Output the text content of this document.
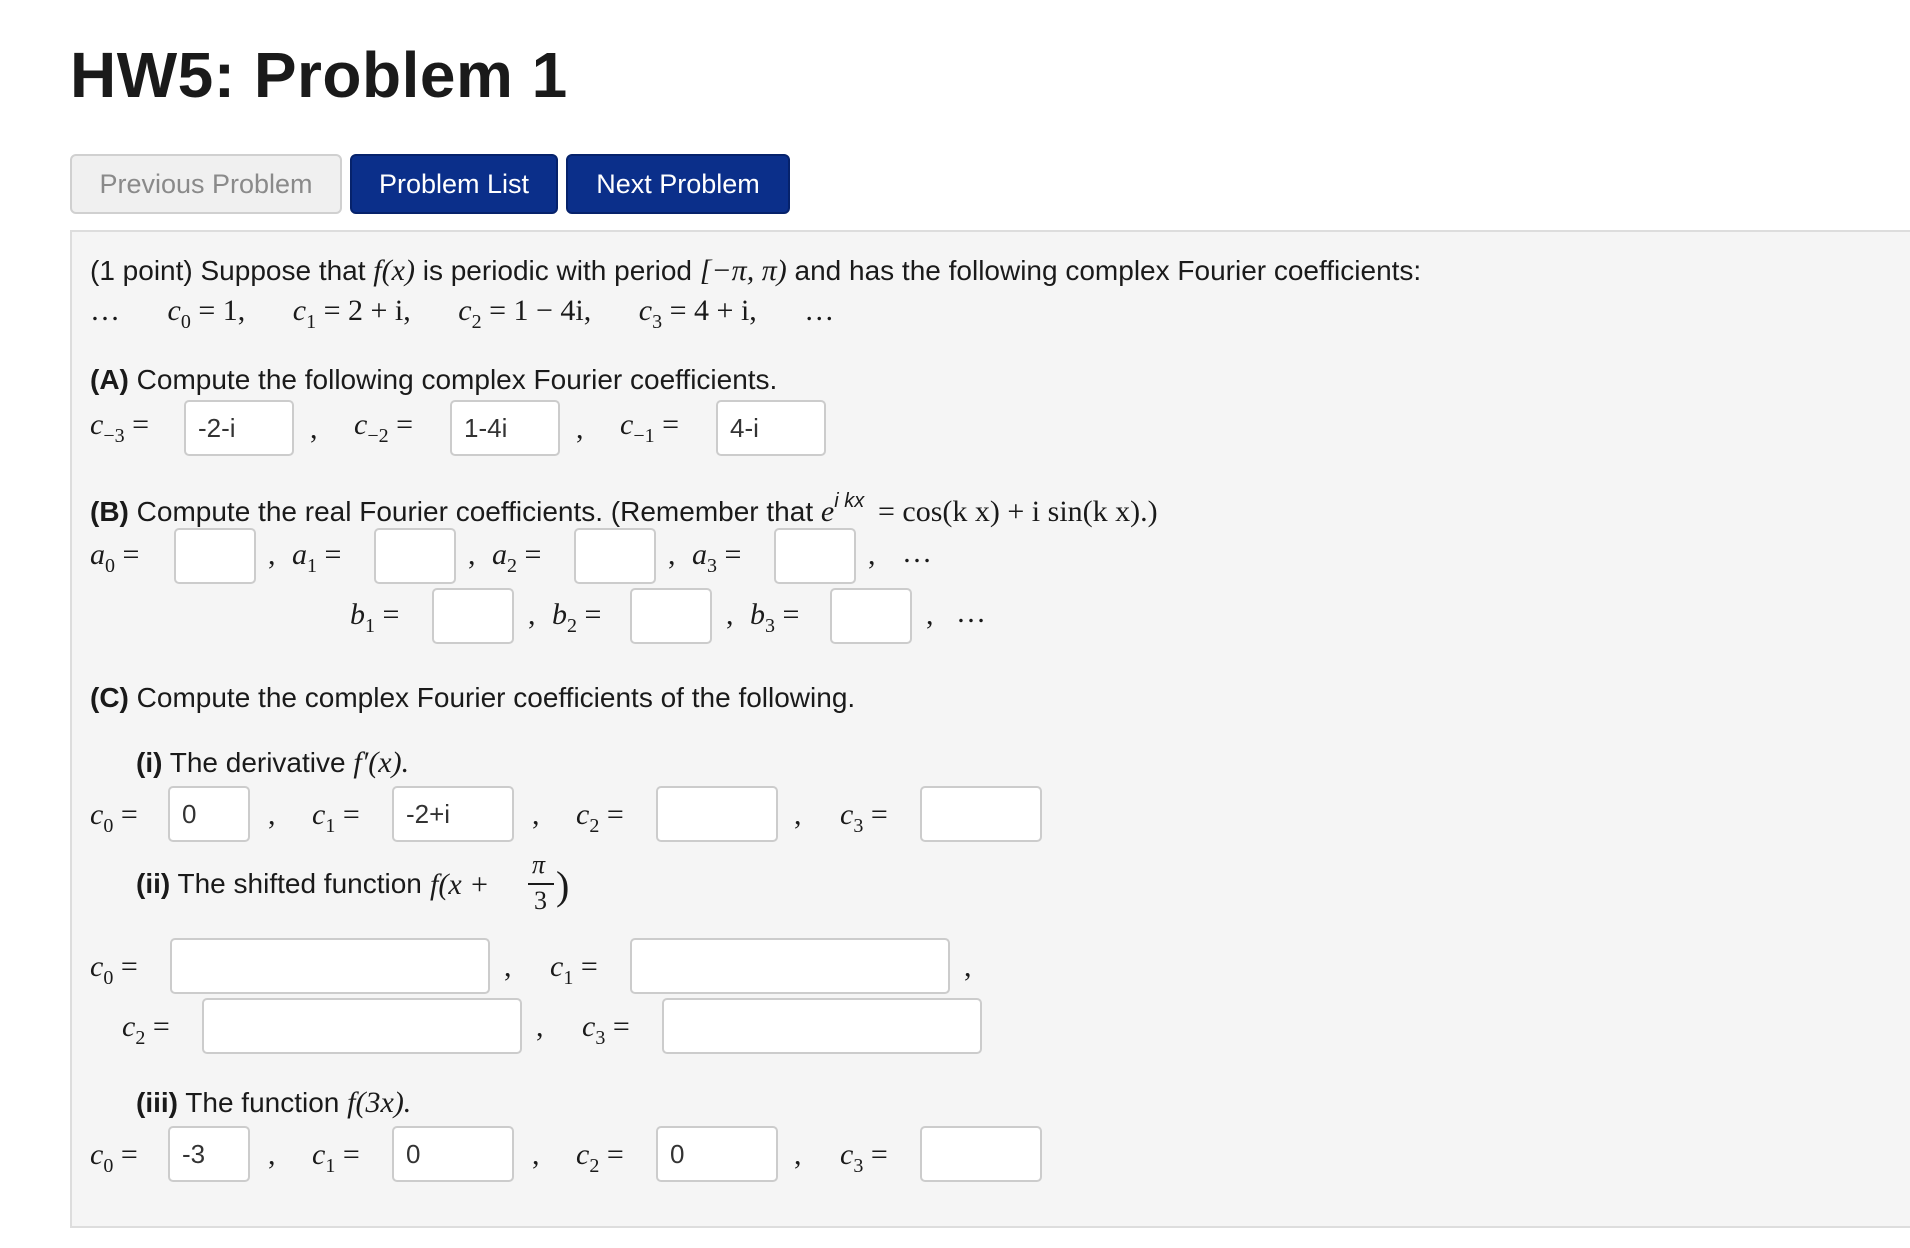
HW5: Problem 1
Previous Problem	Problem List	Next Problem
(1 point) Suppose that f(x) is periodic with period [−π, π) and has the following complex Fourier coefficients:
… $c_0 = 1$, $c_1 = 2 + i$, $c_2 = 1 - 4i$, $c_3 = 4 + i$, …
(A) Compute the following complex Fourier coefficients.
$c_{-3}$ =
-2-i	, $c_{-2}$ =
1-4i	, $c_{-1}$ =
4-i
(B) Compute the real Fourier coefficients. (Remember that $e^{i kx} = \cos(k$ x) + i sin(k x).)
$a_0$ =	, $a_1$ =	, $a_2$ =	, $a_3$ =	, …
$b_1$ =	, $b_2$ =	, $b_3$ =	, …
(C) Compute the complex Fourier coefficients of the following.
(i) The derivative f′(x).
$c_0$ =
0	, $c_1$ =
-2+i	, $c_2$ =	, $c_3$ =
(ii) The shifted function f(x +
π
3 )
$c_0$ =	, $c_1$ =	,
$c_2$ =	, $c_3$ =
(iii) The function f(3x).
$c_0$ =
-3	, $c_1$ =
0	, $c_2$ =
0	, $c_3$ =
